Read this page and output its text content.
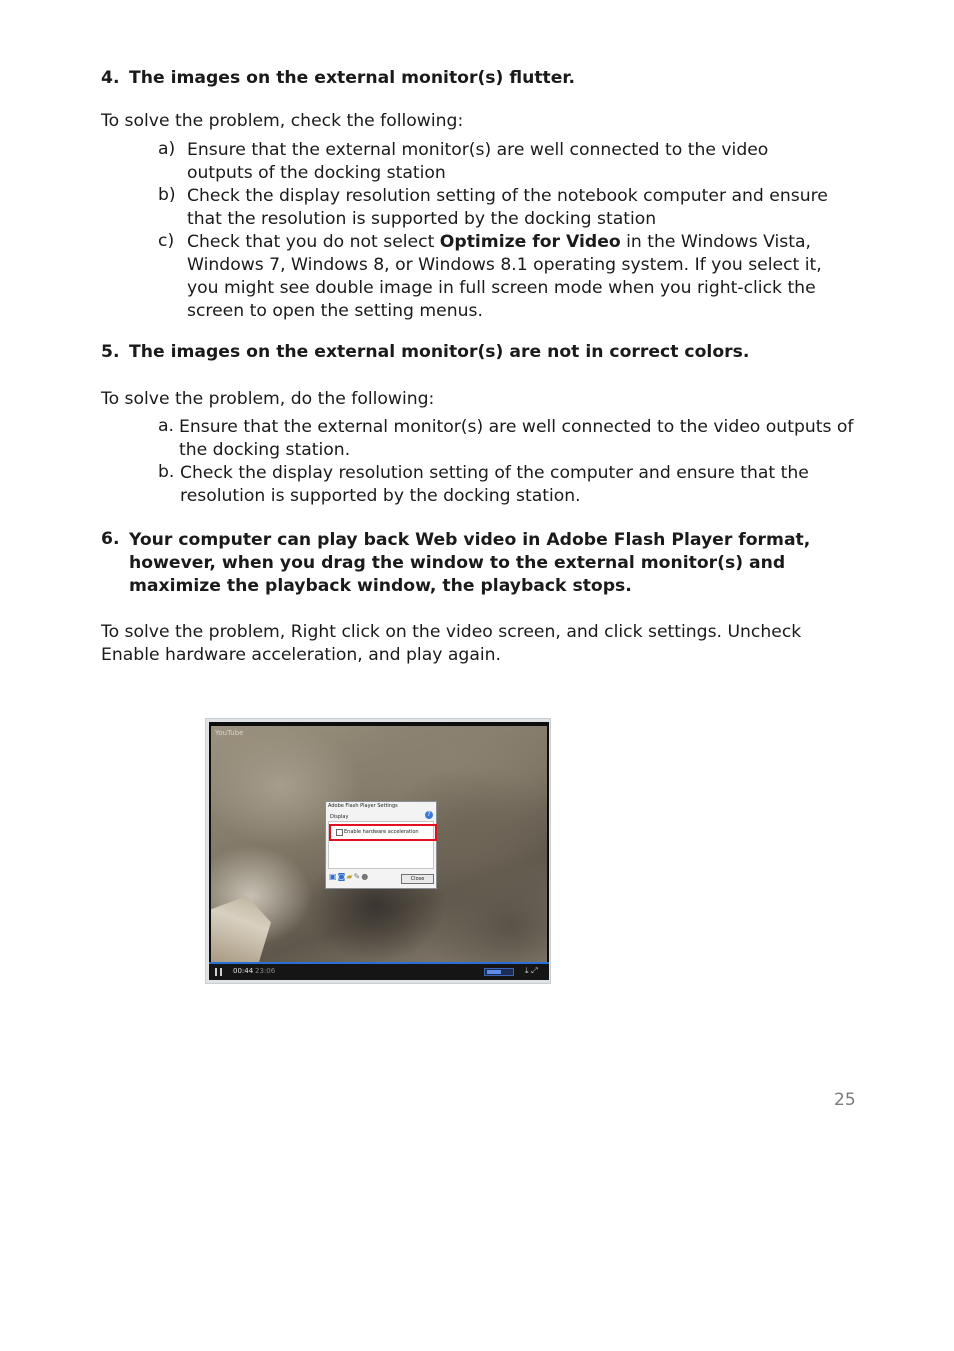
4. The images on the external monitor(s) flutter.
To solve the problem, check the following:
a) Ensure that the external monitor(s) are well connected to the video outputs of the docking station
b) Check the display resolution setting of the notebook computer and ensure that the resolution is supported by the docking station
c) Check that you do not select Optimize for Video in the Windows Vista, Windows 7, Windows 8, or Windows 8.1 operating system. If you select it, you might see double image in full screen mode when you right-click the screen to open the setting menus.
5. The images on the external monitor(s) are not in correct colors.
To solve the problem, do the following:
a. Ensure that the external monitor(s) are well connected to the video outputs of the docking station.
b. Check the display resolution setting of the computer and ensure that the resolution is supported by the docking station.
6. Your computer can play back Web video in Adobe Flash Player format, however, when you drag the window to the external monitor(s) and maximize the playback window, the playback stops.
To solve the problem, Right click on the video screen, and click settings. Uncheck Enable hardware acceleration, and play again.
YouTube
Adobe Flash Player Settings
Display	?
Enable hardware acceleration
▣◙▰✎●	Close
00:44 23:06	⤓ ⤢
25
